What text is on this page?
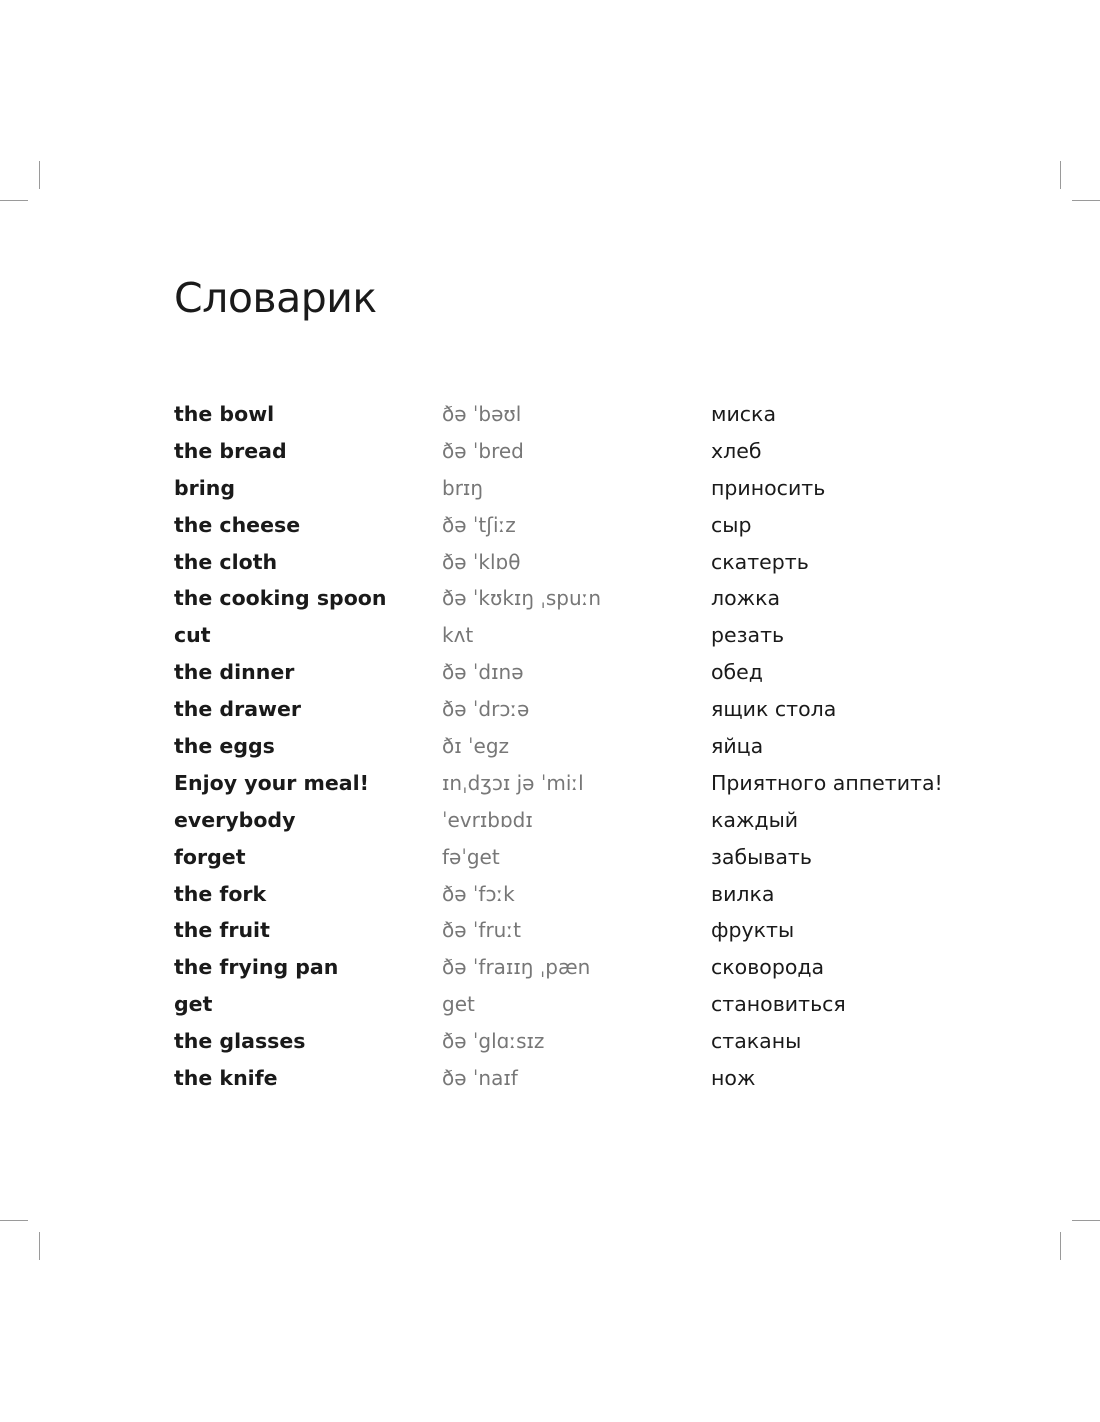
Словарик
the bowl	ðə ˈbəʊl	миска
the bread	ðə ˈbred	хлеб
bring	brɪŋ	приносить
the cheese	ðə ˈtʃiːz	сыр
the cloth	ðə ˈklɒθ	скатерть
the cooking spoon	ðə ˈkʊkɪŋ ˌspuːn	ложка
cut	kʌt	резать
the dinner	ðə ˈdɪnə	обед
the drawer	ðə ˈdrɔːə	ящик стола
the eggs	ðɪ ˈegz	яйца
Enjoy your meal!	ɪnˌdʒɔɪ jə ˈmiːl	Приятного аппетита!
everybody	ˈevrɪbɒdɪ	каждый
forget	fəˈget	забывать
the fork	ðə ˈfɔːk	вилка
the fruit	ðə ˈfruːt	фрукты
the frying pan	ðə ˈfraɪɪŋ ˌpæn	сковорода
get	get	становиться
the glasses	ðə ˈglɑːsɪz	стаканы
the knife	ðə ˈnaɪf	нож
